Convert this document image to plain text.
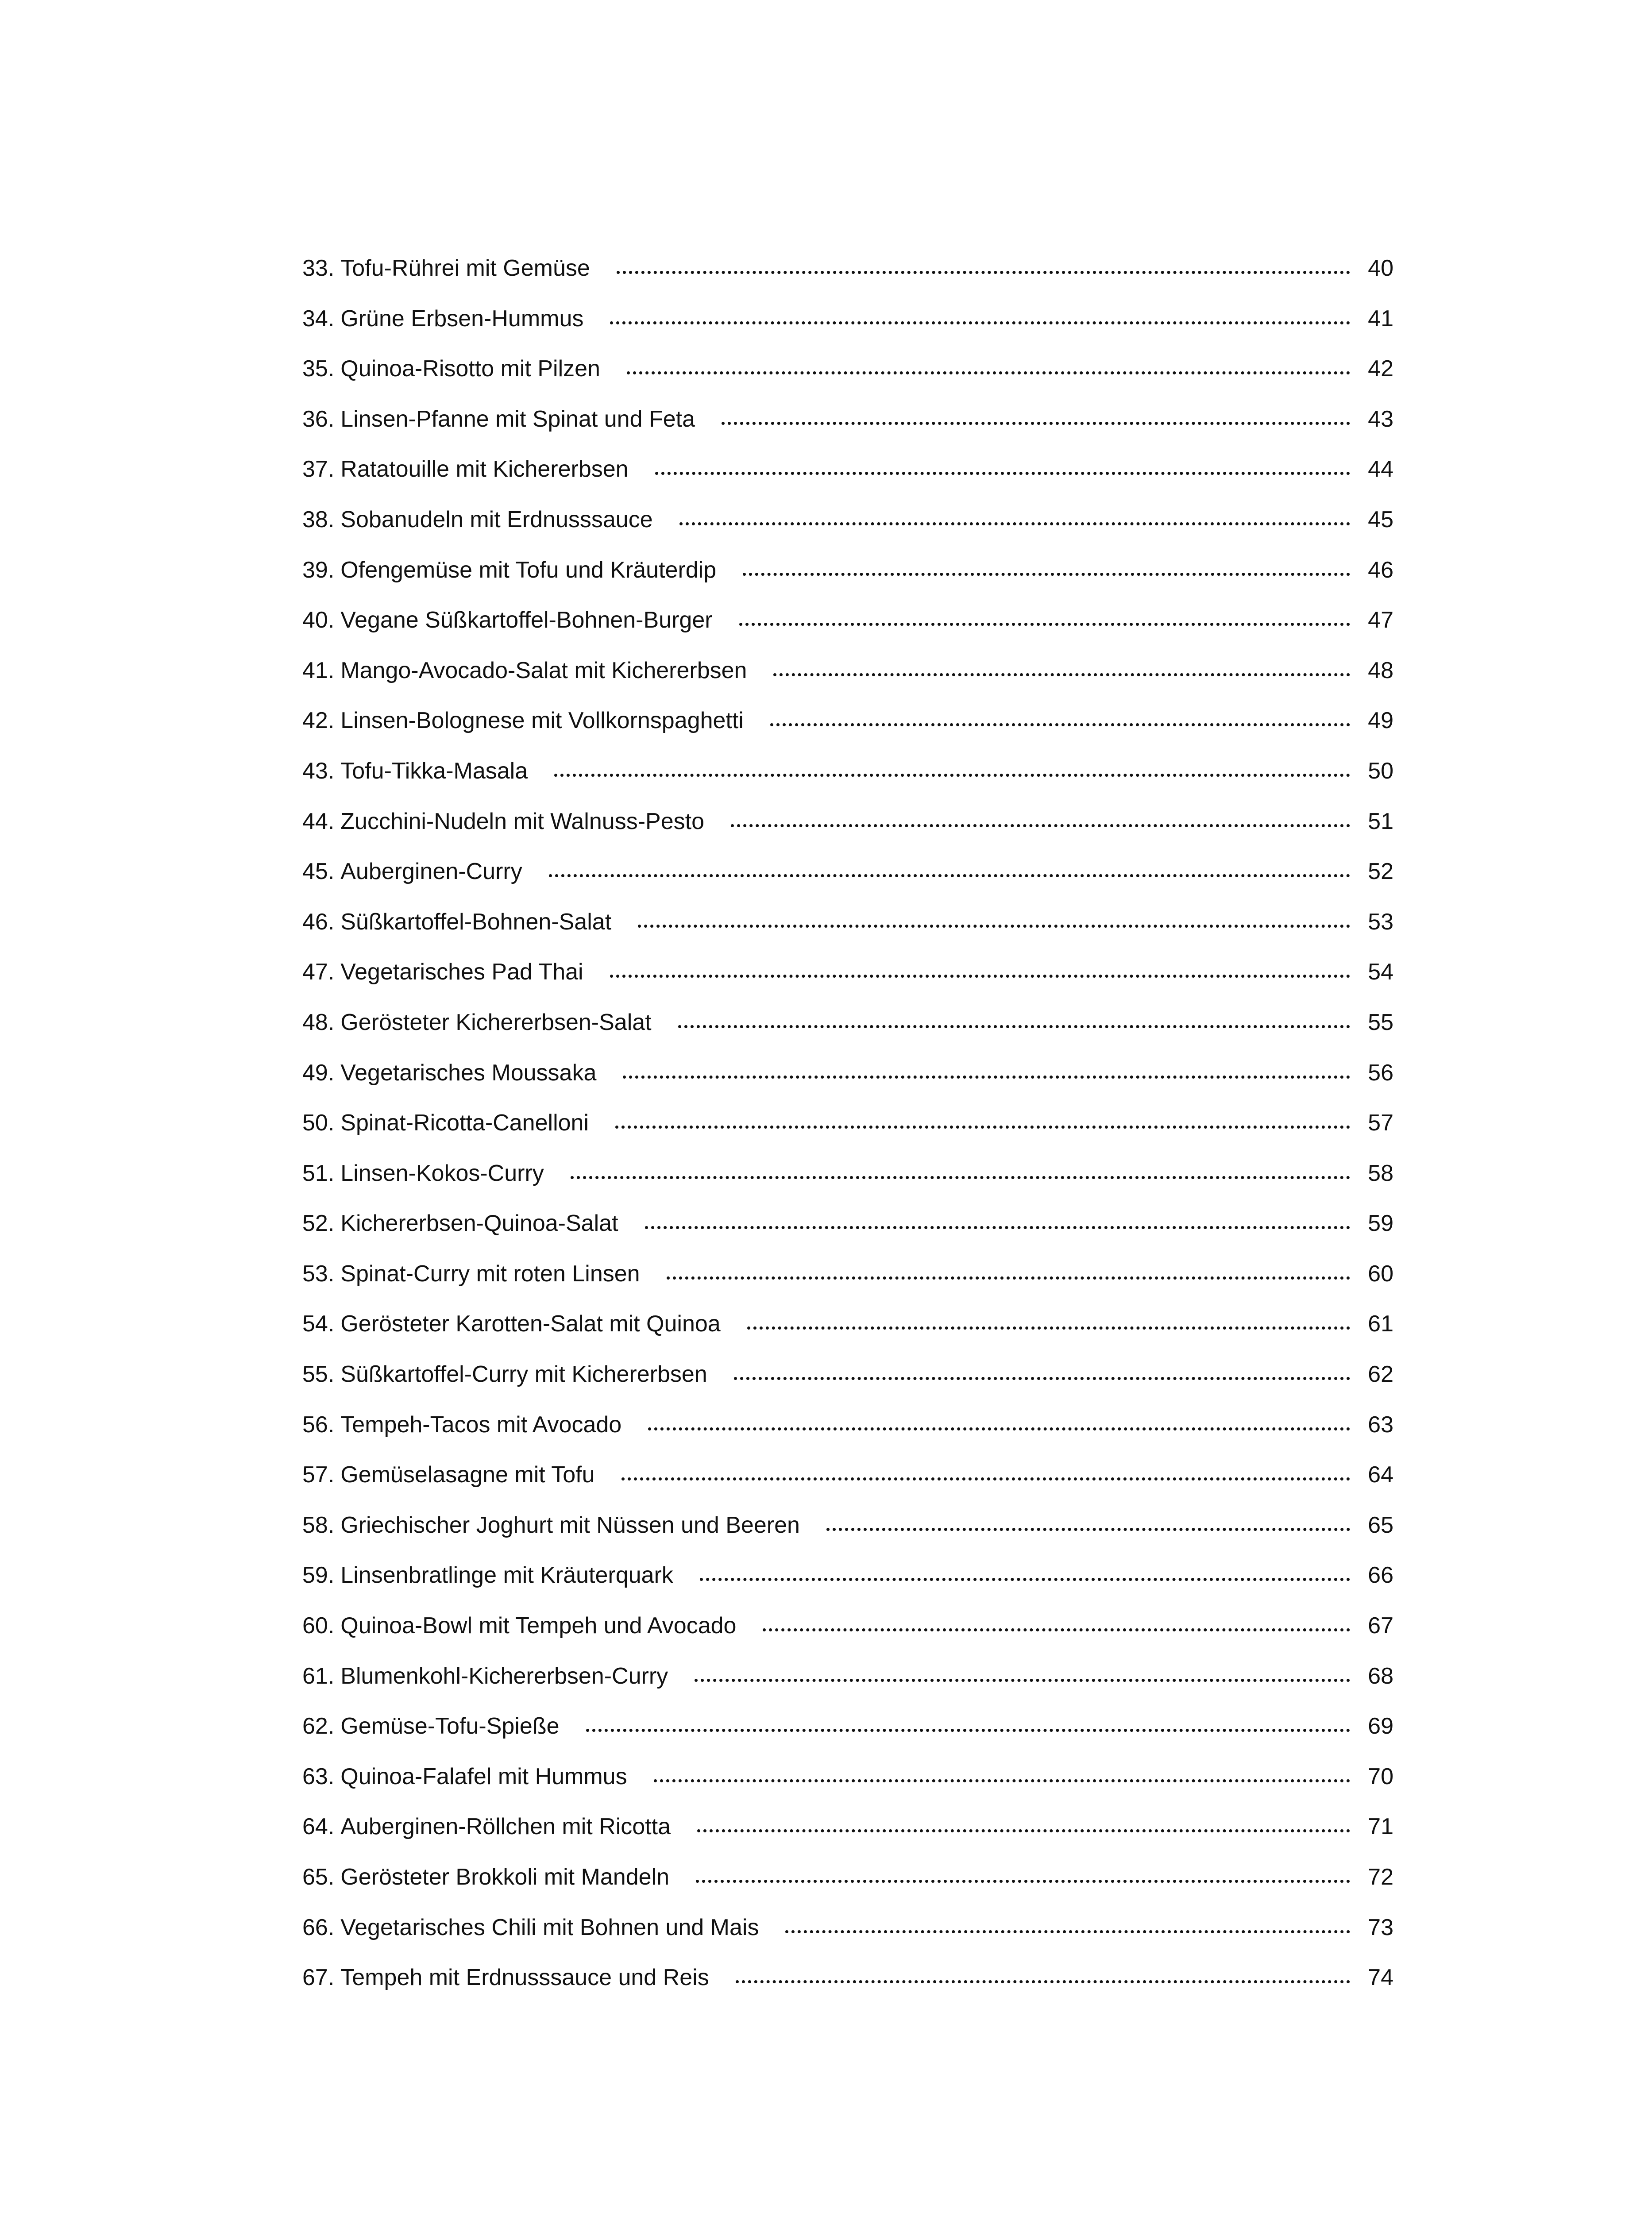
33. Tofu-Rührei mit Gemüse	40
34. Grüne Erbsen-Hummus	41
35. Quinoa-Risotto mit Pilzen	42
36. Linsen-Pfanne mit Spinat und Feta	43
37. Ratatouille mit Kichererbsen	44
38. Sobanudeln mit Erdnusssauce	45
39. Ofengemüse mit Tofu und Kräuterdip	46
40. Vegane Süßkartoffel-Bohnen-Burger	47
41. Mango-Avocado-Salat mit Kichererbsen	48
42. Linsen-Bolognese mit Vollkornspaghetti	49
43. Tofu-Tikka-Masala	50
44. Zucchini-Nudeln mit Walnuss-Pesto	51
45. Auberginen-Curry	52
46. Süßkartoffel-Bohnen-Salat	53
47. Vegetarisches Pad Thai	54
48. Gerösteter Kichererbsen-Salat	55
49. Vegetarisches Moussaka	56
50. Spinat-Ricotta-Canelloni	57
51. Linsen-Kokos-Curry	58
52. Kichererbsen-Quinoa-Salat	59
53. Spinat-Curry mit roten Linsen	60
54. Gerösteter Karotten-Salat mit Quinoa	61
55. Süßkartoffel-Curry mit Kichererbsen	62
56. Tempeh-Tacos mit Avocado	63
57. Gemüselasagne mit Tofu	64
58. Griechischer Joghurt mit Nüssen und Beeren	65
59. Linsenbratlinge mit Kräuterquark	66
60. Quinoa-Bowl mit Tempeh und Avocado	67
61. Blumenkohl-Kichererbsen-Curry	68
62. Gemüse-Tofu-Spieße	69
63. Quinoa-Falafel mit Hummus	70
64. Auberginen-Röllchen mit Ricotta	71
65. Gerösteter Brokkoli mit Mandeln	72
66. Vegetarisches Chili mit Bohnen und Mais	73
67. Tempeh mit Erdnusssauce und Reis	74
